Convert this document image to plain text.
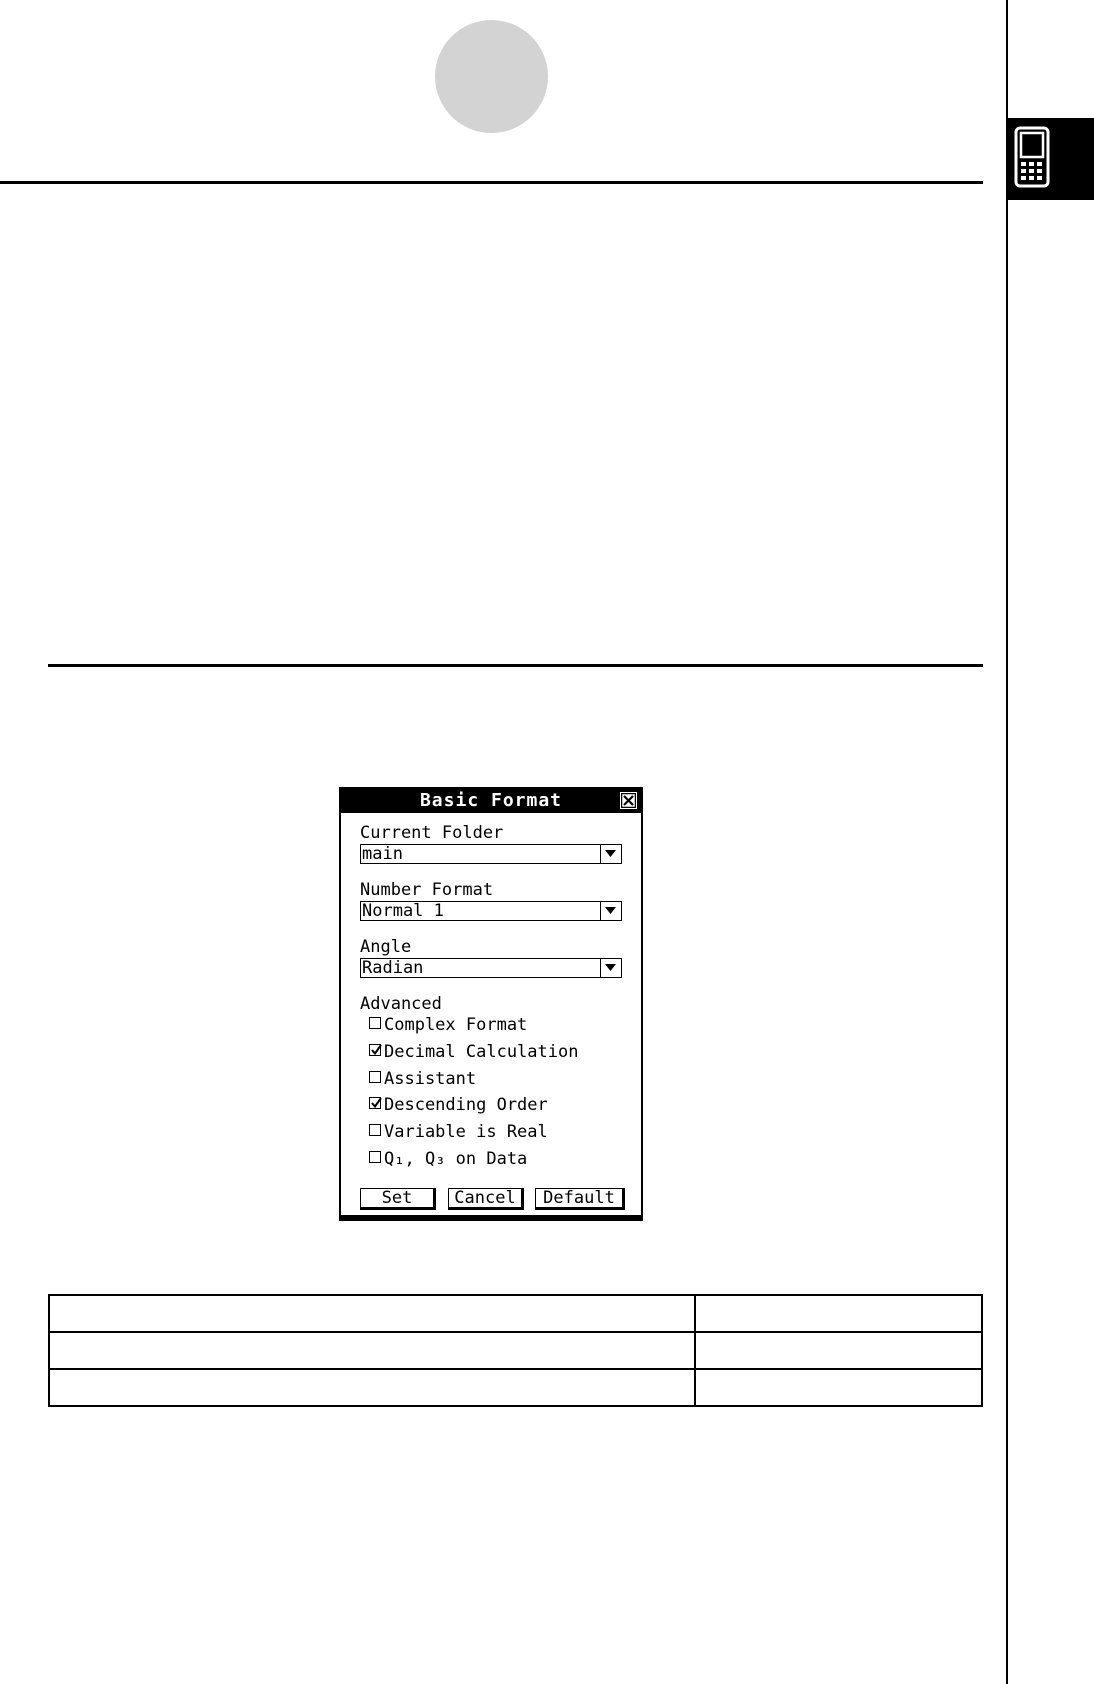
Basic Format
Current Folder
main
Number Format
Normal 1
Angle
Radian
Advanced
Complex Format
Decimal Calculation
Assistant
Descending Order
Variable is Real
Q₁, Q₃ on Data
Set	Cancel	Default
